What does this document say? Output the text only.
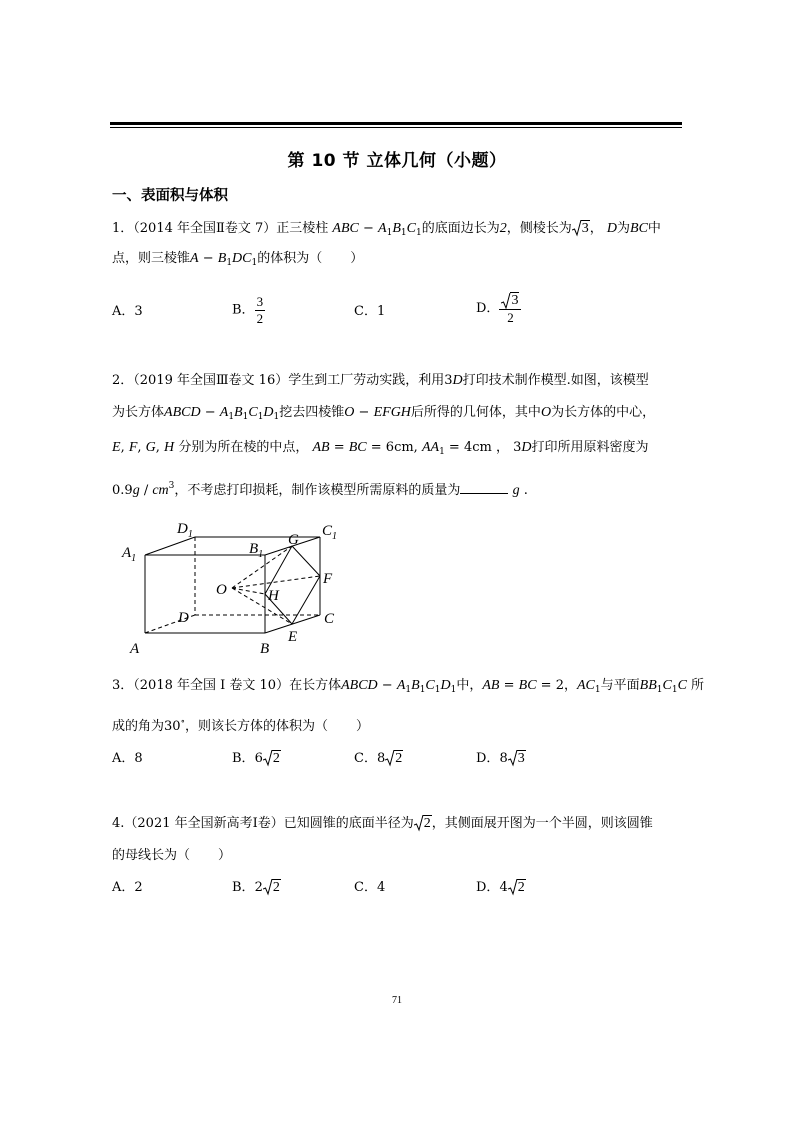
第 10 节 立体几何（小题）
一、表面积与体积
1．（2014 年全国Ⅱ卷文 7）正三棱柱 ABC − $A_1B_1C_1$的底面边长为2，侧棱长为 3， D为BC中
点，则三棱锥$A - B_1DC_1$的体积为（ ）
A．3	B． $\frac{3}{2}$	C．1	D． $\frac{3}{2}$
2．（2019 年全国Ⅲ卷文 16）学生到工厂劳动实践，利用3D打印技术制作模型.如图，该模型
为长方体ABCD − $A_1B_1C_1D_1$挖去四棱锥O − EFGH后所得的几何体，其中O为长方体的中心，
E, F, G, H 分别为所在棱的中点， AB = BC = 6cm, $AA_1 = 4cm$ ， 3D打印所用原料密度为
$0.9g / cm^3$，不考虑打印损耗，制作该模型所需原料的质量为	g .
$A_1$
$D_1$
$B_1$
$C_1$
G
F
O	H
D	C
E
A	B
3．（2018 年全国 I 卷文 10）在长方体ABCD − $A_1B_1C_1D_1$中，AB = BC = 2，$AC_1$与平面$BB_1C_1C$ 所
成的角为30∘，则该长方体的体积为（ ）
A．8	B．6 2	C．8 2	D．8 3
4.（2021 年全国新高考Ⅰ卷）已知圆锥的底面半径为 2，其侧面展开图为一个半圆，则该圆锥
的母线长为（ ）
A．2	B．2 2	C．4	D．4 2
71
